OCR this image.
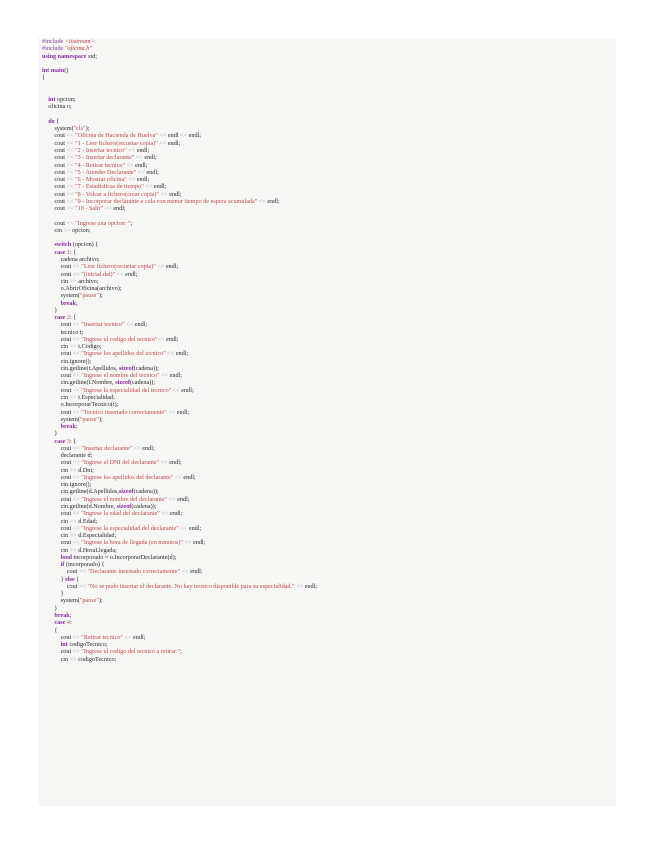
#include <iostream>
#include "oficina.h"
using namespace std;

int main()
{

int opcion;
oficina o;

do {
system("cls");
cout << "Oficina de Hacienda de Huelva" << endl << endl;
cout << "1 - Leer fichero(recuetar copia)" << endl;
cout << "2 - Insertar tecnico" << endl;
cout << "3 - Insertar declarante" << endl;
cout << "4 - Retirar tecnico" << endl;
cout << "5 - Atender Declarante" << endl;
cout << "6 - Mostrar oficina" << endl;
cout << "7 - Estadisticas de tiempo" << endl;
cout << "8 - Volcar a fichero(crear copia)" << endl;
cout << "9 - Incorporar declarante a cola con menor tiempo de espera acumulada" << endl;
cout << "10 - Salir" << endl;

cout << "Ingrese una opcion: ";
cin >> opcion;

switch (opcion) {
case 1: {
cadena archivo;
cout << "Leer fichero(recuetar copia)" << endl;
cout << "(inicial.dat)" << endl;
cin >> archivo;
o.AbrirOficina(archivo);
system("pause");
break;
}
case 2: {
cout << "Insertar tecnico" << endl;
tecnico t;
cout << "Ingrese el codigo del tecnico"<< endl;
cin >> t.Codigo;
cout << "Ingrese los apellidos del tecnico" << endl;
cin.ignore();
cin.getline(t.Apellidos, sizeof(cadena));
cout << "Ingrese el nombre del tecnico" << endl;
cin.getline(t.Nombre, sizeof(cadena));
cout << "Ingrese la especialidad del tecnico" << endl;
cin >> t.Especialidad;
o.IncorporarTecnico(t);
cout << "Tecnico insertado correctamente" << endl;
system("pause");
break;
}
case 3: {
cout << "Insertar declarante" << endl;
declarante d;
cout << "Ingrese el DNI del declarante" << endl;
cin >> d.Dni;
cout << "Ingrese los apellidos del declarante" << endl;
cin.ignore();
cin.getline(d.Apellidos,sizeof(cadena));
cout << "Ingrese el nombre del declarante" << endl;
cin.getline(d.Nombre, sizeof(cadena));
cout << "Ingrese la edad del declarante" << endl;
cin >> d.Edad;
cout << "Ingrese la especialidad del declarante" << endl;
cin >> d.Especialidad;
cout << "Ingrese la hora de llegada (en minutos)" << endl;
cin >> d.HoraLlegada;
bool incorporado = o.IncorporarDeclarante(d);
if (incorporado) {
cout << "Declarante insertado correctamente" << endl;
} else {
cout << "No se pudo insertar el declarante. No hay tecnico disponible para su especialidad." << endl;
}
system("pause");
}
break;
case 4:
{
cout << "Retirar tecnico" << endl;
int codigoTecnico;
cout << "Ingrese el codigo del tecnico a retirar:";
cin >> codigoTecnico;
